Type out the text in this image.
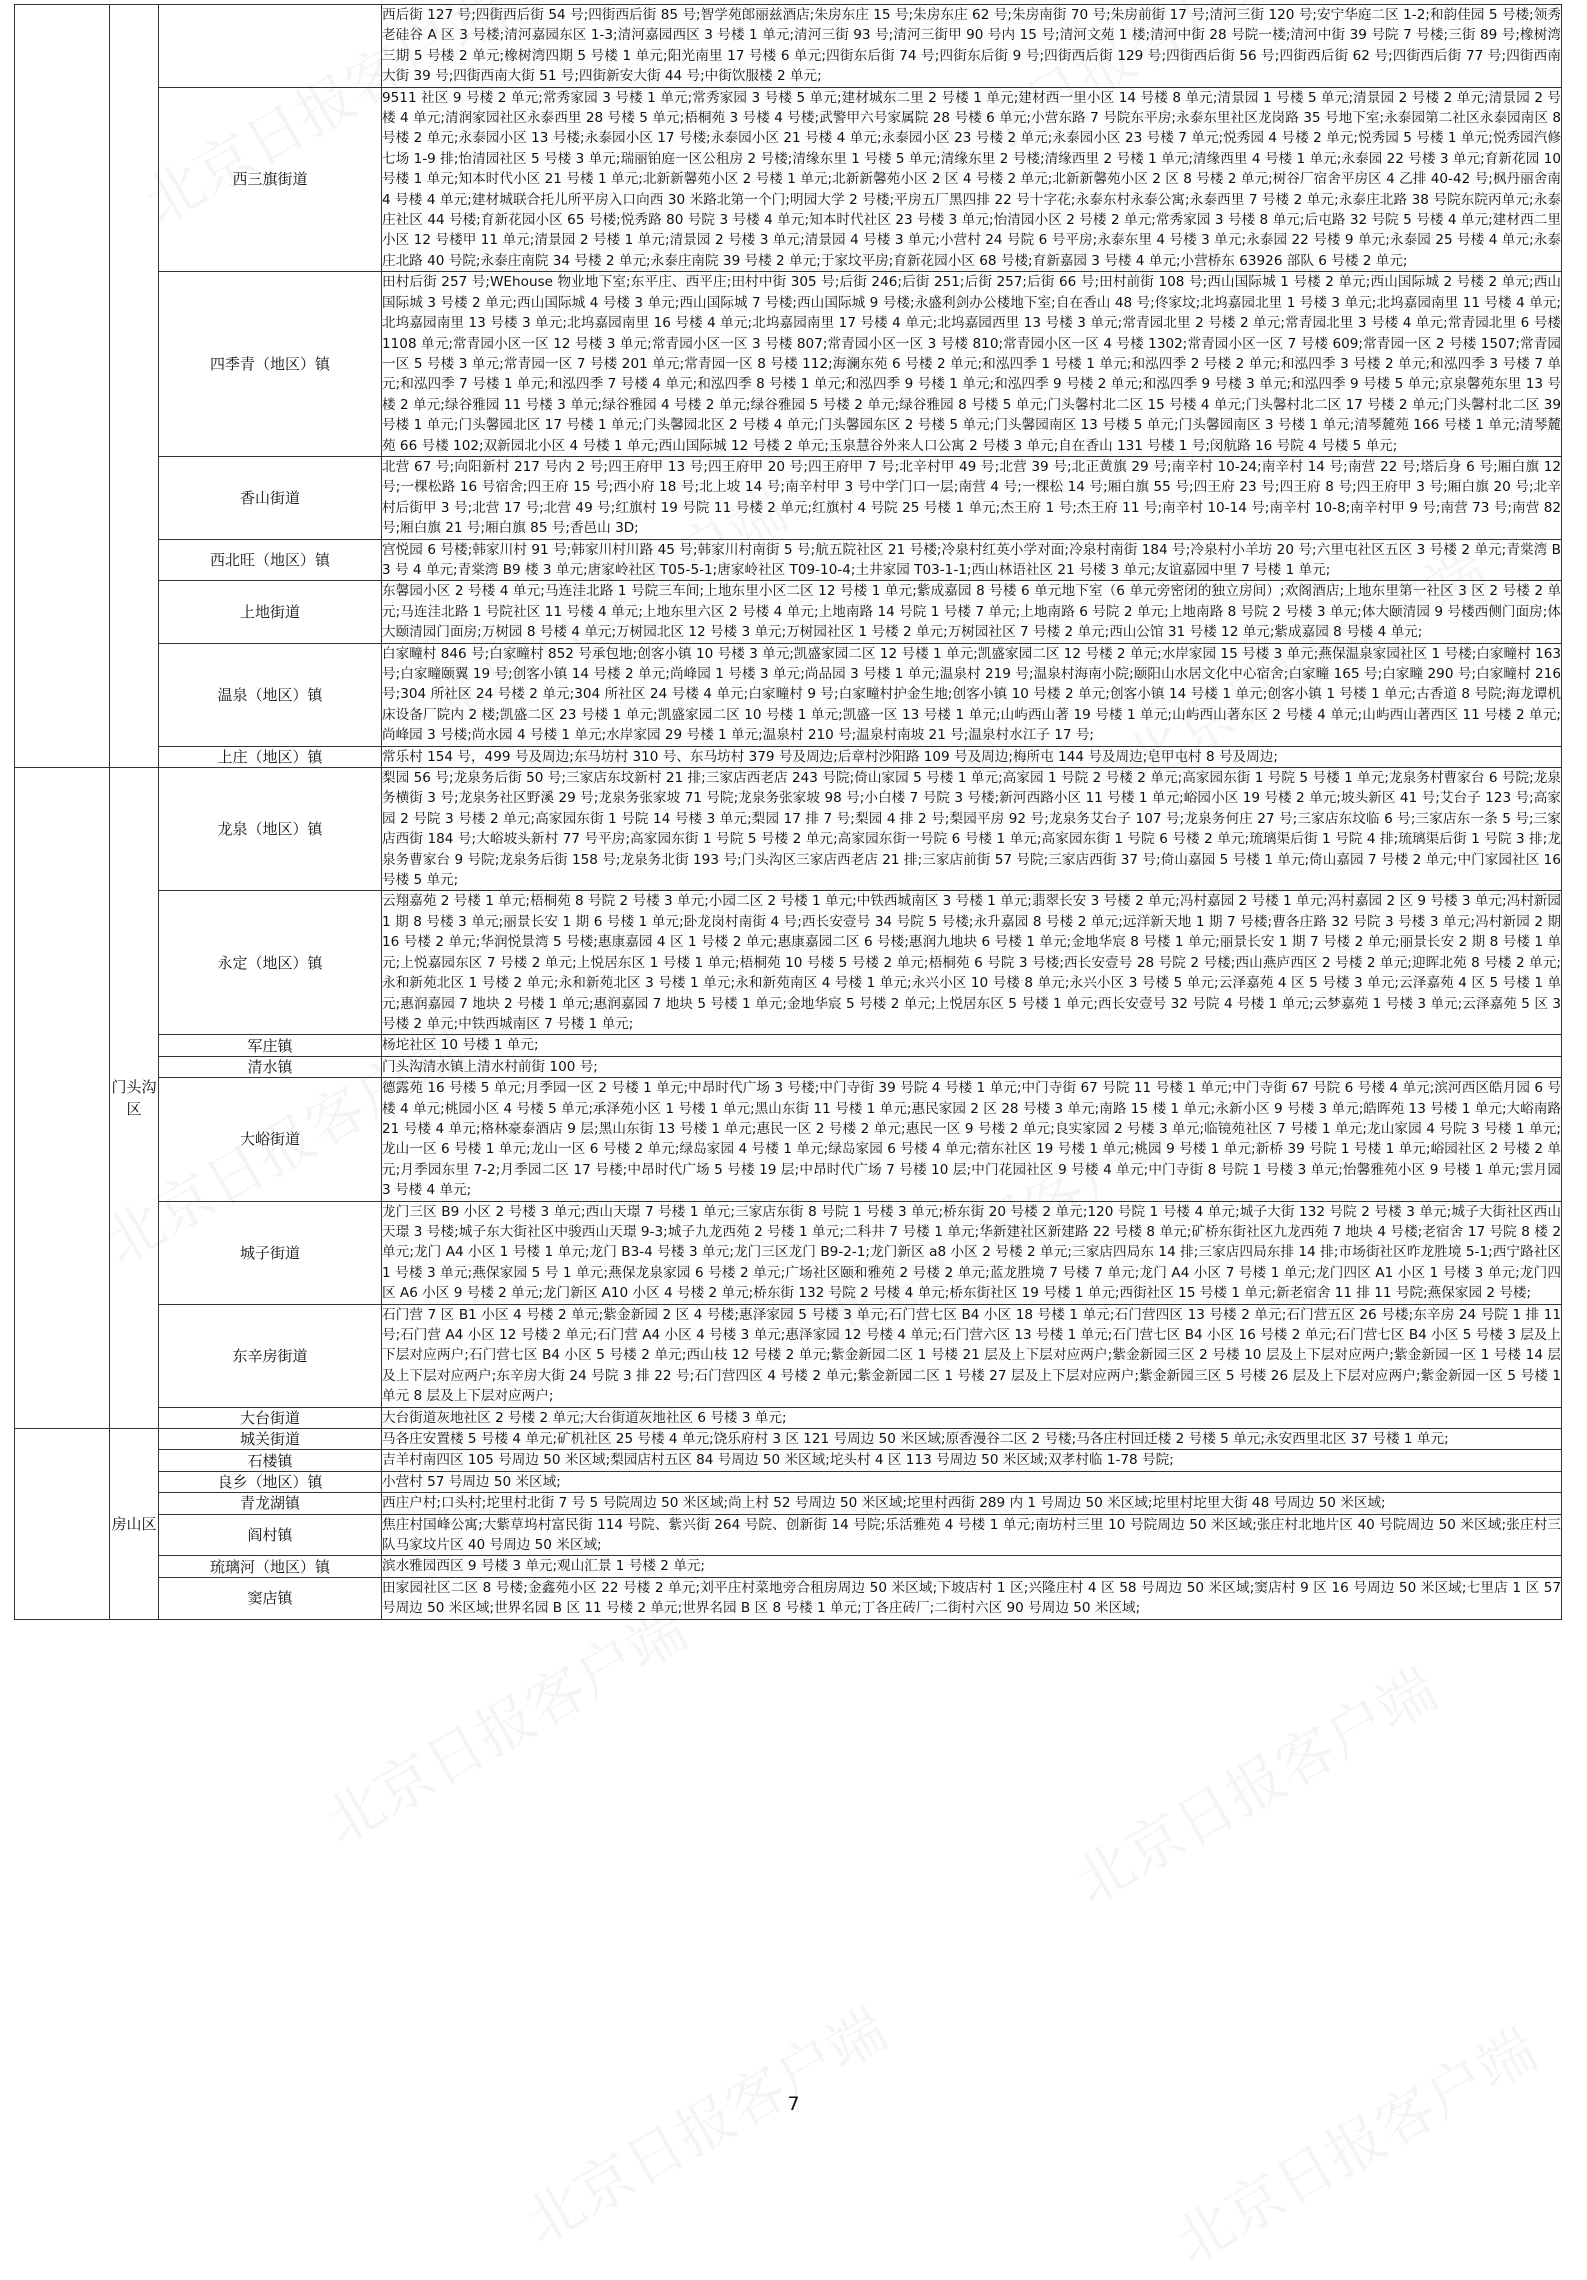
			西后街 127 号;四街西后街 54 号;四街西后街 85 号;智学苑郎丽兹酒店;朱房东庄 15 号;朱房东庄 62 号;朱房南街 70 号;朱房前街 17 号;清河三街 120 号;安宁华庭二区 1-2;和韵佳园 5 号楼;领秀老硅谷 A 区 3 号楼;清河嘉园东区 1-3;清河嘉园西区 3 号楼 1 单元;清河三街 93 号;清河三街甲 90 号内 15 号;清河文苑 1 楼;清河中街 28 号院一楼;清河中街 39 号院 7 号楼;三街 89 号;橡树湾三期 5 号楼 2 单元;橡树湾四期 5 号楼 1 单元;阳光南里 17 号楼 6 单元;四街东后街 74 号;四街东后街 9 号;四街西后街 129 号;四街西后街 56 号;四街西后街 62 号;四街西后街 77 号;四街西南大街 39 号;四街西南大街 51 号;四街新安大街 44 号;中街饮服楼 2 单元;
		西三旗街道	9511 社区 9 号楼 2 单元;常秀家园 3 号楼 1 单元;常秀家园 3 号楼 5 单元;建材城东二里 2 号楼 1 单元;建材西一里小区 14 号楼 8 单元;清景园 1 号楼 5 单元;清景园 2 号楼 2 单元;清景园 2 号楼 4 单元;清润家园社区永泰西里 28 号楼 5 单元;梧桐苑 3 号楼 4 号楼;武警甲六号家属院 28 号楼 6 单元;小营东路 7 号院东平房;永泰东里社区龙岗路 35 号地下室;永泰园第二社区永泰园南区 8 号楼 2 单元;永泰园小区 13 号楼;永泰园小区 17 号楼;永泰园小区 21 号楼 4 单元;永泰园小区 23 号楼 2 单元;永泰园小区 23 号楼 7 单元;悦秀园 4 号楼 2 单元;悦秀园 5 号楼 1 单元;悦秀园汽修七场 1-9 排;怡清园社区 5 号楼 3 单元;瑞丽铂庭一区公租房 2 号楼;清缘东里 1 号楼 5 单元;清缘东里 2 号楼;清缘西里 2 号楼 1 单元;清缘西里 4 号楼 1 单元;永泰园 22 号楼 3 单元;育新花园 10 号楼 1 单元;知本时代小区 21 号楼 1 单元;北新新馨苑小区 2 号楼 1 单元;北新新馨苑小区 2 区 4 号楼 2 单元;北新新馨苑小区 2 区 8 号楼 2 单元;树谷厂宿舍平房区 4 乙排 40-42 号;枫丹丽舍南 4 号楼 4 单元;建材城联合托儿所平房入口向西 30 米路北第一个门;明园大学 2 号楼;平房五厂黑四排 22 号十字花;永泰东村永泰公寓;永泰西里 7 号楼 2 单元;永泰庄北路 38 号院东院丙单元;永泰庄社区 44 号楼;育新花园小区 65 号楼;悦秀路 80 号院 3 号楼 4 单元;知本时代社区 23 号楼 3 单元;怡清园小区 2 号楼 2 单元;常秀家园 3 号楼 8 单元;后屯路 32 号院 5 号楼 4 单元;建材西二里小区 12 号楼甲 11 单元;清景园 2 号楼 1 单元;清景园 2 号楼 3 单元;清景园 4 号楼 3 单元;小营村 24 号院 6 号平房;永泰东里 4 号楼 3 单元;永泰园 22 号楼 9 单元;永泰园 25 号楼 4 单元;永泰庄北路 40 号院;永泰庄南院 34 号楼 2 单元;永泰庄南院 39 号楼 2 单元;于家坟平房;育新花园小区 68 号楼;育新嘉园 3 号楼 4 单元;小营桥东 63926 部队 6 号楼 2 单元;
		四季青（地区）镇	田村后街 257 号;WEhouse 物业地下室;东平庄、西平庄;田村中街 305 号;后街 246;后街 251;后街 257;后街 66 号;田村前街 108 号;西山国际城 1 号楼 2 单元;西山国际城 2 号楼 2 单元;西山国际城 3 号楼 2 单元;西山国际城 4 号楼 3 单元;西山国际城 7 号楼;西山国际城 9 号楼;永盛利剑办公楼地下室;自在香山 48 号;佟家坟;北坞嘉园北里 1 号楼 3 单元;北坞嘉园南里 11 号楼 4 单元;北坞嘉园南里 13 号楼 3 单元;北坞嘉园南里 16 号楼 4 单元;北坞嘉园南里 17 号楼 4 单元;北坞嘉园西里 13 号楼 3 单元;常青园北里 2 号楼 2 单元;常青园北里 3 号楼 4 单元;常青园北里 6 号楼 1108 单元;常青园小区一区 12 号楼 3 单元;常青园小区一区 3 号楼 807;常青园小区一区 3 号楼 810;常青园小区一区 4 号楼 1302;常青园小区一区 7 号楼 609;常青园一区 2 号楼 1507;常青园一区 5 号楼 3 单元;常青园一区 7 号楼 201 单元;常青园一区 8 号楼 112;海澜东苑 6 号楼 2 单元;和泓四季 1 号楼 1 单元;和泓四季 2 号楼 2 单元;和泓四季 3 号楼 2 单元;和泓四季 3 号楼 7 单元;和泓四季 7 号楼 1 单元;和泓四季 7 号楼 4 单元;和泓四季 8 号楼 1 单元;和泓四季 9 号楼 1 单元;和泓四季 9 号楼 2 单元;和泓四季 9 号楼 3 单元;和泓四季 9 号楼 5 单元;京泉馨苑东里 13 号楼 2 单元;绿谷雅园 11 号楼 3 单元;绿谷雅园 4 号楼 2 单元;绿谷雅园 5 号楼 2 单元;绿谷雅园 8 号楼 5 单元;门头馨村北二区 15 号楼 4 单元;门头馨村北二区 17 号楼 2 单元;门头馨村北二区 39 号楼 1 单元;门头馨园北区 17 号楼 1 单元;门头馨园北区 2 号楼 4 单元;门头馨园东区 2 号楼 5 单元;门头馨园南区 13 号楼 5 单元;门头馨园南区 3 号楼 1 单元;清琴麓苑 166 号楼 1 单元;清琴麓苑 66 号楼 102;双新园北小区 4 号楼 1 单元;西山国际城 12 号楼 2 单元;玉泉慧谷外来人口公寓 2 号楼 3 单元;自在香山 131 号楼 1 号;闵航路 16 号院 4 号楼 5 单元;
		香山街道	北营 67 号;向阳新村 217 号内 2 号;四王府甲 13 号;四王府甲 20 号;四王府甲 7 号;北辛村甲 49 号;北营 39 号;北正黄旗 29 号;南辛村 10-24;南辛村 14 号;南营 22 号;塔后身 6 号;厢白旗 12 号;一棵松路 16 号宿舍;四王府 15 号;西小府 18 号;北上坡 14 号;南辛村甲 3 号中学门口一层;南营 4 号;一棵松 14 号;厢白旗 55 号;四王府 23 号;四王府 8 号;四王府甲 3 号;厢白旗 20 号;北辛村后街甲 3 号;北营 17 号;北营 49 号;红旗村 19 号院 11 号楼 2 单元;红旗村 4 号院 25 号楼 1 单元;杰王府 1 号;杰王府 11 号;南辛村 10-14 号;南辛村 10-8;南辛村甲 9 号;南营 73 号;南营 82 号;厢白旗 21 号;厢白旗 85 号;香邑山 3D;
		西北旺（地区）镇	宫悦园 6 号楼;韩家川村 91 号;韩家川村川路 45 号;韩家川村南街 5 号;航五院社区 21 号楼;冷泉村红英小学对面;冷泉村南街 184 号;冷泉村小羊坊 20 号;六里屯社区五区 3 号楼 2 单元;青棠湾 B3 号 4 单元;青棠湾 B9 楼 3 单元;唐家岭社区 T05-5-1;唐家岭社区 T09-10-4;土井家园 T03-1-1;西山林语社区 21 号楼 3 单元;友谊嘉园中里 7 号楼 1 单元;
		上地街道	东馨园小区 2 号楼 4 单元;马连洼北路 1 号院三车间;上地东里小区二区 12 号楼 1 单元;紫成嘉园 8 号楼 6 单元地下室（6 单元旁密闭的独立房间）;欢阁酒店;上地东里第一社区 3 区 2 号楼 2 单元;马连洼北路 1 号院社区 11 号楼 4 单元;上地东里六区 2 号楼 4 单元;上地南路 14 号院 1 号楼 7 单元;上地南路 6 号院 2 单元;上地南路 8 号院 2 号楼 3 单元;体大颐清园 9 号楼西侧门面房;体大颐清园门面房;万树园 8 号楼 4 单元;万树园北区 12 号楼 3 单元;万树园社区 1 号楼 2 单元;万树园社区 7 号楼 2 单元;西山公馆 31 号楼 12 单元;紫成嘉园 8 号楼 4 单元;
		温泉（地区）镇	白家疃村 846 号;白家疃村 852 号承包地;创客小镇 10 号楼 3 单元;凯盛家园二区 12 号楼 1 单元;凯盛家园二区 12 号楼 2 单元;水岸家园 15 号楼 3 单元;燕保温泉家园社区 1 号楼;白家疃村 163 号;白家疃颐翼 19 号;创客小镇 14 号楼 2 单元;尚峰园 1 号楼 3 单元;尚品园 3 号楼 1 单元;温泉村 219 号;温泉村海南小院;颐阳山水居文化中心宿舍;白家疃 165 号;白家疃 290 号;白家疃村 216 号;304 所社区 24 号楼 2 单元;304 所社区 24 号楼 4 单元;白家疃村 9 号;白家疃村护金生地;创客小镇 10 号楼 2 单元;创客小镇 14 号楼 1 单元;创客小镇 1 号楼 1 单元;古香道 8 号院;海龙谭机床设备厂院内 2 楼;凯盛二区 23 号楼 1 单元;凯盛家园二区 10 号楼 1 单元;凯盛一区 13 号楼 1 单元;山屿西山著 19 号楼 1 单元;山屿西山著东区 2 号楼 4 单元;山屿西山著西区 11 号楼 2 单元;尚峰园 3 号楼;尚水园 4 号楼 1 单元;水岸家园 29 号楼 1 单元;温泉村 210 号;温泉村南坡 21 号;温泉村水江子 17 号;
		上庄（地区）镇	常乐村 154 号，499 号及周边;东马坊村 310 号、东马坊村 379 号及周边;后章村沙阳路 109 号及周边;梅所屯 144 号及周边;皂甲屯村 8 号及周边;
	门头沟区	龙泉（地区）镇	梨园 56 号;龙泉务后街 50 号;三家店东坟新村 21 排;三家店西老店 243 号院;倚山家园 5 号楼 1 单元;高家园 1 号院 2 号楼 2 单元;高家园东街 1 号院 5 号楼 1 单元;龙泉务村曹家台 6 号院;龙泉务横街 3 号;龙泉务社区野溪 29 号;龙泉务张家坡 71 号院;龙泉务张家坡 98 号;小白楼 7 号院 3 号楼;新河西路小区 11 号楼 1 单元;峪园小区 19 号楼 2 单元;坡头新区 41 号;艾台子 123 号;高家园 2 号院 3 号楼 2 单元;高家园东街 1 号院 14 号楼 3 单元;梨园 17 排 7 号;梨园 4 排 2 号;梨园平房 92 号;龙泉务艾台子 107 号;龙泉务何庄 27 号;三家店东坟临 6 号;三家店东一条 5 号;三家店西街 184 号;大峪坡头新村 77 号平房;高家园东街 1 号院 5 号楼 2 单元;高家园东街一号院 6 号楼 1 单元;高家园东街 1 号院 6 号楼 2 单元;琉璃渠后街 1 号院 4 排;琉璃渠后街 1 号院 3 排;龙泉务曹家台 9 号院;龙泉务后街 158 号;龙泉务北街 193 号;门头沟区三家店西老店 21 排;三家店前街 57 号院;三家店西街 37 号;倚山嘉园 5 号楼 1 单元;倚山嘉园 7 号楼 2 单元;中门家园社区 16 号楼 5 单元;
		永定（地区）镇	云翔嘉苑 2 号楼 1 单元;梧桐苑 8 号院 2 号楼 3 单元;小园二区 2 号楼 1 单元;中铁西城南区 3 号楼 1 单元;翡翠长安 3 号楼 2 单元;冯村嘉园 2 号楼 1 单元;冯村嘉园 2 区 9 号楼 3 单元;冯村新园 1 期 8 号楼 3 单元;丽景长安 1 期 6 号楼 1 单元;卧龙岗村南街 4 号;西长安壹号 34 号院 5 号楼;永升嘉园 8 号楼 2 单元;远洋新天地 1 期 7 号楼;曹各庄路 32 号院 3 号楼 3 单元;冯村新园 2 期 16 号楼 2 单元;华润悦景湾 5 号楼;惠康嘉园 4 区 1 号楼 2 单元;惠康嘉园二区 6 号楼;惠润九地块 6 号楼 1 单元;金地华宸 8 号楼 1 单元;丽景长安 1 期 7 号楼 2 单元;丽景长安 2 期 8 号楼 1 单元;上悦嘉园东区 7 号楼 2 单元;上悦居东区 1 号楼 1 单元;梧桐苑 10 号楼 5 号楼 2 单元;梧桐苑 6 号院 3 号楼;西长安壹号 28 号院 2 号楼;西山燕庐西区 2 号楼 2 单元;迎晖北苑 8 号楼 2 单元;永和新苑北区 1 号楼 2 单元;永和新苑北区 3 号楼 1 单元;永和新苑南区 4 号楼 1 单元;永兴小区 10 号楼 8 单元;永兴小区 3 号楼 5 单元;云泽嘉苑 4 区 5 号楼 3 单元;云泽嘉苑 4 区 5 号楼 1 单元;惠润嘉园 7 地块 2 号楼 1 单元;惠润嘉园 7 地块 5 号楼 1 单元;金地华宸 5 号楼 2 单元;上悦居东区 5 号楼 1 单元;西长安壹号 32 号院 4 号楼 1 单元;云梦嘉苑 1 号楼 3 单元;云泽嘉苑 5 区 3 号楼 2 单元;中铁西城南区 7 号楼 1 单元;
		军庄镇	杨坨社区 10 号楼 1 单元;
		清水镇	门头沟清水镇上清水村前街 100 号;
		大峪街道	德露苑 16 号楼 5 单元;月季园一区 2 号楼 1 单元;中昂时代广场 3 号楼;中门寺街 39 号院 4 号楼 1 单元;中门寺街 67 号院 11 号楼 1 单元;中门寺街 67 号院 6 号楼 4 单元;滨河西区皓月园 6 号楼 4 单元;桃园小区 4 号楼 5 单元;承泽苑小区 1 号楼 1 单元;黑山东街 11 号楼 1 单元;惠民家园 2 区 28 号楼 3 单元;南路 15 楼 1 单元;永新小区 9 号楼 3 单元;皓晖苑 13 号楼 1 单元;大峪南路 21 号楼 4 单元;格林豪泰酒店 9 层;黑山东街 13 号楼 1 单元;惠民一区 2 号楼 2 单元;惠民一区 9 号楼 2 单元;良实家园 2 号楼 3 单元;临镜苑社区 7 号楼 1 单元;龙山家园 4 号院 3 号楼 1 单元;龙山一区 6 号楼 1 单元;龙山一区 6 号楼 2 单元;绿岛家园 4 号楼 1 单元;绿岛家园 6 号楼 4 单元;蓿东社区 19 号楼 1 单元;桃园 9 号楼 1 单元;新桥 39 号院 1 号楼 1 单元;峪园社区 2 号楼 2 单元;月季园东里 7-2;月季园二区 17 号楼;中昂时代广场 5 号楼 19 层;中昂时代广场 7 号楼 10 层;中门花园社区 9 号楼 4 单元;中门寺街 8 号院 1 号楼 3 单元;怡馨雅苑小区 9 号楼 1 单元;雲月园 3 号楼 4 单元;
		城子街道	龙门三区 B9 小区 2 号楼 3 单元;西山天璟 7 号楼 1 单元;三家店东街 8 号院 1 号楼 3 单元;桥东街 20 号楼 2 单元;120 号院 1 号楼 4 单元;城子大街 132 号院 2 号楼 3 单元;城子大街社区西山天璟 3 号楼;城子东大街社区中骏西山天璟 9-3;城子九龙西苑 2 号楼 1 单元;二科井 7 号楼 1 单元;华新建社区新建路 22 号楼 8 单元;矿桥东街社区九龙西苑 7 地块 4 号楼;老宿舍 17 号院 8 楼 2 单元;龙门 A4 小区 1 号楼 1 单元;龙门 B3-4 号楼 3 单元;龙门三区龙门 B9-2-1;龙门新区 a8 小区 2 号楼 2 单元;三家店四局东 14 排;三家店四局东排 14 排;市场街社区昨龙胜境 5-1;西宁路社区 1 号楼 3 单元;燕保家园 5 号 1 单元;燕保龙泉家园 6 号楼 2 单元;广场社区颐和雅苑 2 号楼 2 单元;蓝龙胜境 7 号楼 7 单元;龙门 A4 小区 7 号楼 1 单元;龙门四区 A1 小区 1 号楼 3 单元;龙门四区 A6 小区 9 号楼 2 单元;龙门新区 A10 小区 4 号楼 2 单元;桥东街 132 号院 2 号楼 4 单元;桥东街社区 19 号楼 1 单元;西街社区 15 号楼 1 单元;新老宿舍 11 排 11 号院;燕保家园 2 号楼;
		东辛房街道	石门营 7 区 B1 小区 4 号楼 2 单元;紫金新园 2 区 4 号楼;惠泽家园 5 号楼 3 单元;石门营七区 B4 小区 18 号楼 1 单元;石门营四区 13 号楼 2 单元;石门营五区 26 号楼;东辛房 24 号院 1 排 11 号;石门营 A4 小区 12 号楼 2 单元;石门营 A4 小区 4 号楼 3 单元;惠泽家园 12 号楼 4 单元;石门营六区 13 号楼 1 单元;石门营七区 B4 小区 16 号楼 2 单元;石门营七区 B4 小区 5 号楼 3 层及上下层对应两户;石门营七区 B4 小区 5 号楼 2 单元;西山枝 12 号楼 2 单元;紫金新园二区 1 号楼 21 层及上下层对应两户;紫金新园三区 2 号楼 10 层及上下层对应两户;紫金新园一区 1 号楼 14 层及上下层对应两户;东辛房大街 24 号院 3 排 22 号;石门营四区 4 号楼 2 单元;紫金新园二区 1 号楼 27 层及上下层对应两户;紫金新园三区 5 号楼 26 层及上下层对应两户;紫金新园一区 5 号楼 1 单元 8 层及上下层对应两户;
		大台街道	大台街道灰地社区 2 号楼 2 单元;大台街道灰地社区 6 号楼 3 单元;
	房山区	城关街道	马各庄安置楼 5 号楼 4 单元;矿机社区 25 号楼 4 单元;饶乐府村 3 区 121 号周边 50 米区域;原香漫谷二区 2 号楼;马各庄村回迁楼 2 号楼 5 单元;永安西里北区 37 号楼 1 单元;
		石楼镇	吉羊村南四区 105 号周边 50 米区域;梨园店村五区 84 号周边 50 米区域;坨头村 4 区 113 号周边 50 米区域;双孝村临 1-78 号院;
		良乡（地区）镇	小营村 57 号周边 50 米区域;
		青龙湖镇	西庄户村;口头村;坨里村北街 7 号 5 号院周边 50 米区域;尚上村 52 号周边 50 米区域;坨里村西街 289 内 1 号周边 50 米区域;坨里村坨里大街 48 号周边 50 米区域;
		阎村镇	焦庄村国峰公寓;大紫草坞村富民街 114 号院、紫兴街 264 号院、创新街 14 号院;乐活雅苑 4 号楼 1 单元;南坊村三里 10 号院周边 50 米区域;张庄村北地片区 40 号院周边 50 米区域;张庄村三队马家坟片区 40 号周边 50 米区域;
		琉璃河（地区）镇	滨水雅园西区 9 号楼 3 单元;观山汇景 1 号楼 2 单元;
		窦店镇	田家园社区二区 8 号楼;金鑫苑小区 22 号楼 2 单元;刘平庄村菜地旁合租房周边 50 米区域;下坡店村 1 区;兴隆庄村 4 区 58 号周边 50 米区域;窦店村 9 区 16 号周边 50 米区域;七里店 1 区 57 号周边 50 米区域;世界名园 B 区 11 号楼 2 单元;世界名园 B 区 8 号楼 1 单元;丁各庄砖厂;二街村六区 90 号周边 50 米区域;
7
